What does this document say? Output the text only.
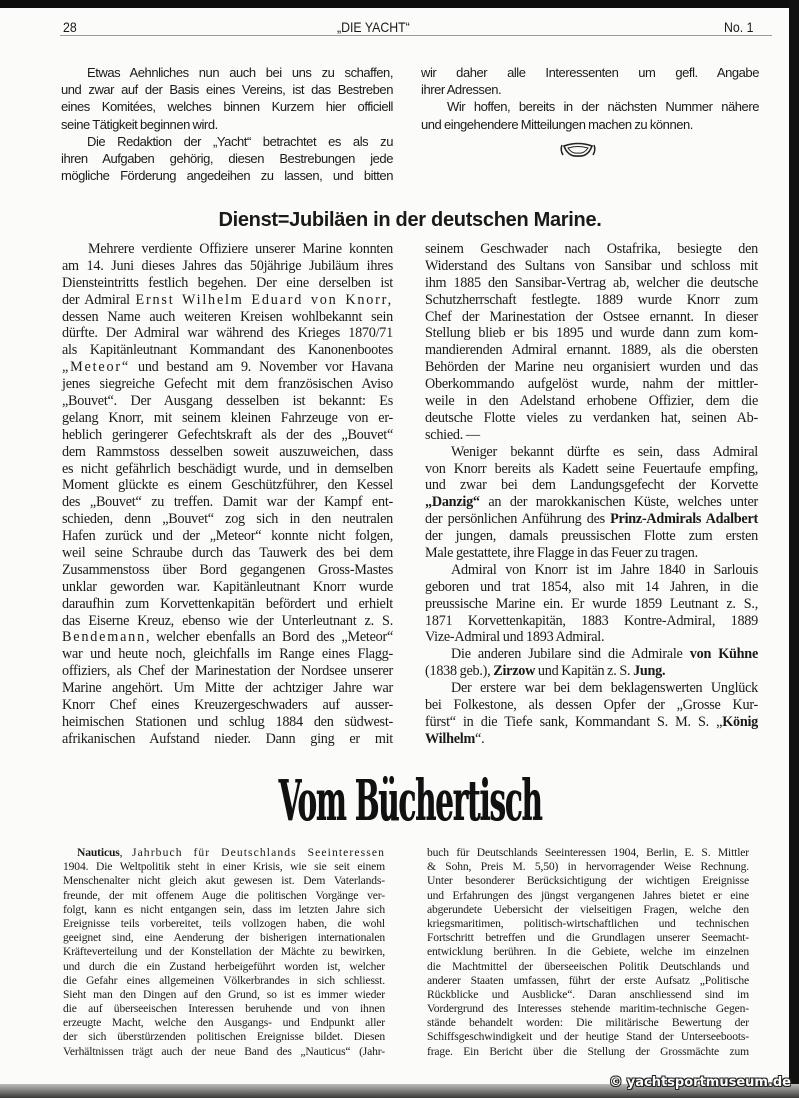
28	„DIE YACHT“	No. 1
Etwas Aehnliches nun auch bei uns zu schaffen,
und zwar auf der Basis eines Vereins, ist das Bestreben
eines Komitées, welches binnen Kurzem hier officiell
seine Tätigkeit beginnen wird.
Die Redaktion der „Yacht“ betrachtet es als zu
ihren Aufgaben gehörig, diesen Bestrebungen jede
mögliche Förderung angedeihen zu lassen, und bitten
wir daher alle Interessenten um gefl. Angabe
ihrer Adressen.
Wir hoffen, bereits in der nächsten Nummer nähere
und eingehendere Mitteilungen machen zu können.
Dienst=Jubiläen in der deutschen Marine.
Mehrere verdiente Offiziere unserer Marine konnten
am 14. Juni dieses Jahres das 50jährige Jubiläum ihres
Diensteintritts festlich begehen. Der eine derselben ist
der Admiral Ernst Wilhelm Eduard von Knorr,
dessen Name auch weiteren Kreisen wohlbekannt sein
dürfte. Der Admiral war während des Krieges 1870/71
als Kapitänleutnant Kommandant des Kanonenbootes
„Meteor“ und bestand am 9. November vor Havana
jenes siegreiche Gefecht mit dem französischen Aviso
„Bouvet“. Der Ausgang desselben ist bekannt: Es
gelang Knorr, mit seinem kleinen Fahrzeuge von er-
heblich geringerer Gefechtskraft als der des „Bouvet“
dem Rammstoss desselben soweit auszuweichen, dass
es nicht gefährlich beschädigt wurde, und in demselben
Moment glückte es einem Geschützführer, den Kessel
des „Bouvet“ zu treffen. Damit war der Kampf ent-
schieden, denn „Bouvet“ zog sich in den neutralen
Hafen zurück und der „Meteor“ konnte nicht folgen,
weil seine Schraube durch das Tauwerk des bei dem
Zusammenstoss über Bord gegangenen Gross-Mastes
unklar geworden war. Kapitänleutnant Knorr wurde
daraufhin zum Korvettenkapitän befördert und erhielt
das Eiserne Kreuz, ebenso wie der Unterleutnant z. S.
Bendemann, welcher ebenfalls an Bord des „Meteor“
war und heute noch, gleichfalls im Range eines Flagg-
offiziers, als Chef der Marinestation der Nordsee unserer
Marine angehört. Um Mitte der achtziger Jahre war
Knorr Chef eines Kreuzergeschwaders auf ausser-
heimischen Stationen und schlug 1884 den südwest-
afrikanischen Aufstand nieder. Dann ging er mit
seinem Geschwader nach Ostafrika, besiegte den
Widerstand des Sultans von Sansibar und schloss mit
ihm 1885 den Sansibar-Vertrag ab, welcher die deutsche
Schutzherrschaft festlegte. 1889 wurde Knorr zum
Chef der Marinestation der Ostsee ernannt. In dieser
Stellung blieb er bis 1895 und wurde dann zum kom-
mandierenden Admiral ernannt. 1889, als die obersten
Behörden der Marine neu organisiert wurden und das
Oberkommando aufgelöst wurde, nahm der mittler-
weile in den Adelstand erhobene Offizier, dem die
deutsche Flotte vieles zu verdanken hat, seinen Ab-
schied. —
Weniger bekannt dürfte es sein, dass Admiral
von Knorr bereits als Kadett seine Feuertaufe empfing,
und zwar bei dem Landungsgefecht der Korvette
„Danzig“ an der marokkanischen Küste, welches unter
der persönlichen Anführung des Prinz-Admirals Adalbert
der jungen, damals preussischen Flotte zum ersten
Male gestattete, ihre Flagge in das Feuer zu tragen.
Admiral von Knorr ist im Jahre 1840 in Sarlouis
geboren und trat 1854, also mit 14 Jahren, in die
preussische Marine ein. Er wurde 1859 Leutnant z. S.,
1871 Korvettenkapitän, 1883 Kontre-Admiral, 1889
Vize-Admiral und 1893 Admiral.
Die anderen Jubilare sind die Admirale von Kühne
(1838 geb.), Zirzow und Kapitän z. S. Jung.
Der erstere war bei dem beklagenswerten Unglück
bei Folkestone, als dessen Opfer der „Grosse Kur-
fürst“ in die Tiefe sank, Kommandant S. M. S. „König
Wilhelm“.
Vom Büchertisch
Nauticus, Jahrbuch für Deutschlands Seeinteressen
1904. Die Weltpolitik steht in einer Krisis, wie sie seit einem
Menschenalter nicht gleich akut gewesen ist. Dem Vaterlands-
freunde, der mit offenem Auge die politischen Vorgänge ver-
folgt, kann es nicht entgangen sein, dass im letzten Jahre sich
Ereignisse teils vorbereitet, teils vollzogen haben, die wohl
geeignet sind, eine Aenderung der bisherigen internationalen
Kräfteverteilung und der Konstellation der Mächte zu bewirken,
und durch die ein Zustand herbeigeführt worden ist, welcher
die Gefahr eines allgemeinen Völkerbrandes in sich schliesst.
Sieht man den Dingen auf den Grund, so ist es immer wieder
die auf überseeischen Interessen beruhende und von ihnen
erzeugte Macht, welche den Ausgangs- und Endpunkt aller
der sich überstürzenden politischen Ereignisse bildet. Diesen
Verhältnissen trägt auch der neue Band des „Nauticus“ (Jahr-
buch für Deutschlands Seeinteressen 1904, Berlin, E. S. Mittler
& Sohn, Preis M. 5,50) in hervorragender Weise Rechnung.
Unter besonderer Berücksichtigung der wichtigen Ereignisse
und Erfahrungen des jüngst vergangenen Jahres bietet er eine
abgerundete Uebersicht der vielseitigen Fragen, welche den
kriegsmaritimen, politisch-wirtschaftlichen und technischen
Fortschritt betreffen und die Grundlagen unserer Seemacht-
entwicklung berühren. In die Gebiete, welche im einzelnen
die Machtmittel der überseeischen Politik Deutschlands und
anderer Staaten umfassen, führt der erste Aufsatz „Politische
Rückblicke und Ausblicke“. Daran anschliessend sind im
Vordergrund des Interesses stehende maritim-technische Gegen-
stände behandelt worden: Die militärische Bewertung der
Schiffsgeschwindigkeit und der heutige Stand der Unterseeboots-
frage. Ein Bericht über die Stellung der Grossmächte zum
© yachtsportmuseum.de
